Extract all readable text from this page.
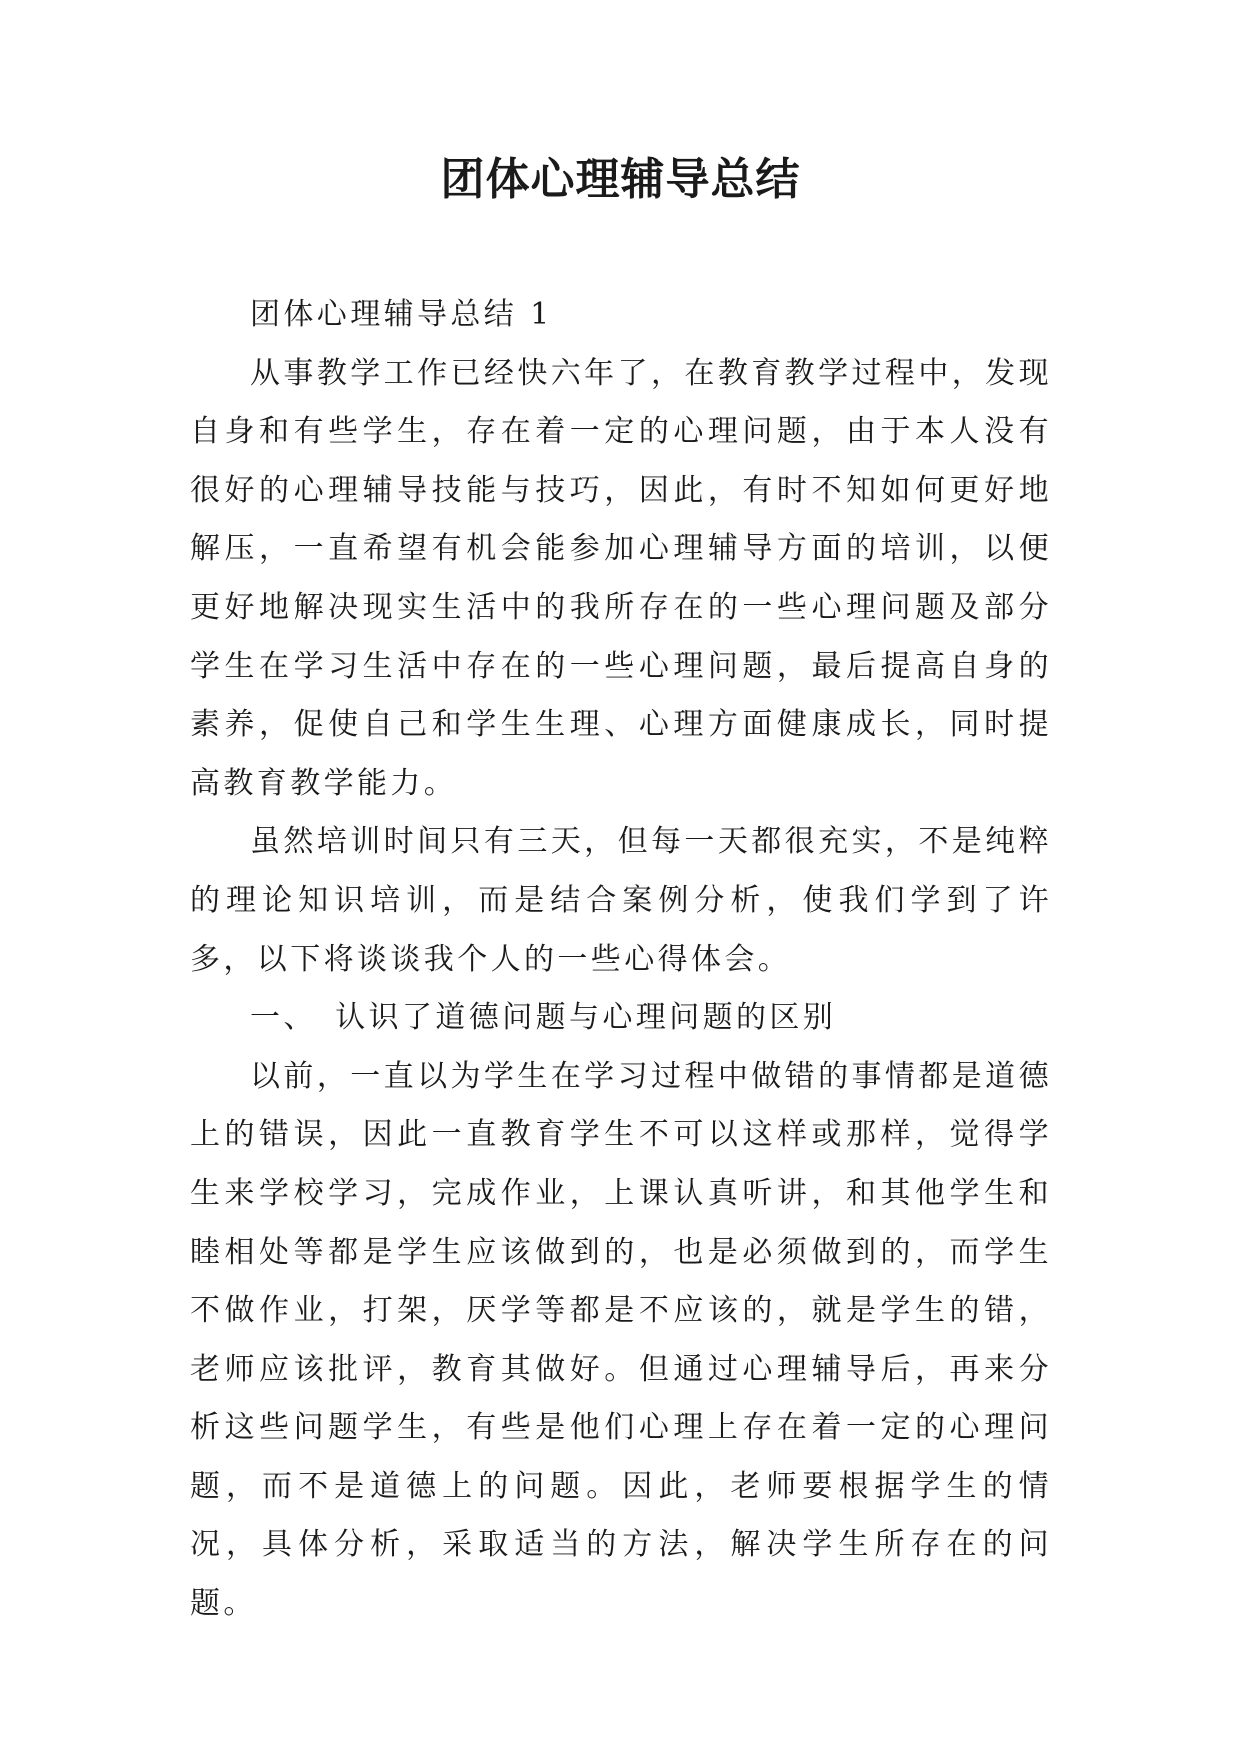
团体心理辅导总结

团体心理辅导总结 1

从事教学工作已经快六年了，在教育教学过程中，发现自身和有些学生，存在着一定的心理问题，由于本人没有很好的心理辅导技能与技巧，因此，有时不知如何更好地解压，一直希望有机会能参加心理辅导方面的培训，以便更好地解决现实生活中的我所存在的一些心理问题及部分学生在学习生活中存在的一些心理问题，最后提高自身的素养，促使自己和学生生理、心理方面健康成长，同时提高教育教学能力。

虽然培训时间只有三天，但每一天都很充实，不是纯粹的理论知识培训，而是结合案例分析，使我们学到了许多，以下将谈谈我个人的一些心得体会。

一、　认识了道德问题与心理问题的区别

以前，一直以为学生在学习过程中做错的事情都是道德上的错误，因此一直教育学生不可以这样或那样，觉得学生来学校学习，完成作业，上课认真听讲，和其他学生和睦相处等都是学生应该做到的，也是必须做到的，而学生不做作业，打架，厌学等都是不应该的，就是学生的错，老师应该批评，教育其做好。但通过心理辅导后，再来分析这些问题学生，有些是他们心理上存在着一定的心理问题，而不是道德上的问题。因此，老师要根据学生的情况，具体分析，采取适当的方法，解决学生所存在的问题。
